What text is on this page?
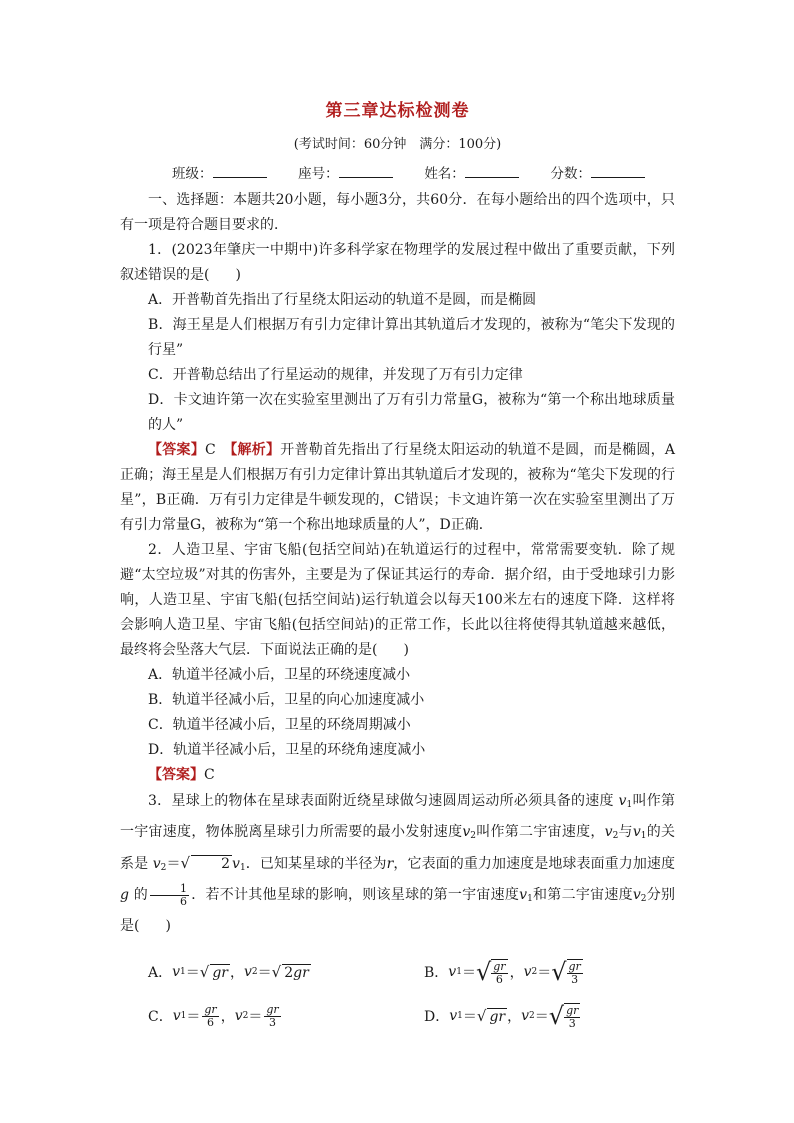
第三章达标检测卷
(考试时间：60分钟　满分：100分)
班级：	座号：	姓名：	分数：

一、选择题：本题共20小题，每小题3分，共60分．在每小题给出的四个选项中，只有一项是符合题目要求的．

1．(2023年肇庆一中期中)许多科学家在物理学的发展过程中做出了重要贡献，下列叙述错误的是( )

A．开普勒首先指出了行星绕太阳运动的轨道不是圆，而是椭圆

B．海王星是人们根据万有引力定律计算出其轨道后才发现的，被称为“笔尖下发现的行星”

C．开普勒总结出了行星运动的规律，并发现了万有引力定律

D．卡文迪许第一次在实验室里测出了万有引力常量G，被称为“第一个称出地球质量的人”

【答案】C　 【解析】开普勒首先指出了行星绕太阳运动的轨道不是圆，而是椭圆，A正确；海王星是人们根据万有引力定律计算出其轨道后才发现的，被称为“笔尖下发现的行星”，B正确．万有引力定律是牛顿发现的，C错误；卡文迪许第一次在实验室里测出了万有引力常量G，被称为“第一个称出地球质量的人”，D正确．

2．人造卫星、宇宙飞船(包括空间站)在轨道运行的过程中，常常需要变轨．除了规避“太空垃圾”对其的伤害外，主要是为了保证其运行的寿命．据介绍，由于受地球引力影响，人造卫星、宇宙飞船(包括空间站)运行轨道会以每天100米左右的速度下降．这样将会影响人造卫星、宇宙飞船(包括空间站)的正常工作，长此以往将使得其轨道越来越低，最终将会坠落大气层．下面说法正确的是( )

A．轨道半径减小后，卫星的环绕速度减小

B．轨道半径减小后，卫星的向心加速度减小

C．轨道半径减小后，卫星的环绕周期减小

D．轨道半径减小后，卫星的环绕角速度减小

【答案】C

3．星球上的物体在星球表面附近绕星球做匀速圆周运动所必须具备的速度 $v_1$叫作第一宇宙速度，物体脱离星球引力所需要的最小发射速度$v_2$叫作第二宇宙速度，$v_2$与$v_1$的关系是 $v_2=√$ 2 $v_1$．已知某星球的半径为r，它表面的重力加速度是地球表面重力加速度 g 的 $\frac{1}{6}$ ．若不计其他星球的影响，则该星球的第一宇宙速度$v_1$和第二宇宙速度$v_2$分别是( )

A． v 1 ＝ √ gr ， v 2 ＝ √ 2gr	B． v 1 ＝ √ $\frac{gr}{6}$ ， v 2 ＝ √ $\frac{gr}{3}$
C． v $1 = \frac{gr}{6}$ ， v $2 = \frac{gr}{3}$	D． v 1 ＝ √ gr ， v 2 ＝ √ $\frac{gr}{3}$
